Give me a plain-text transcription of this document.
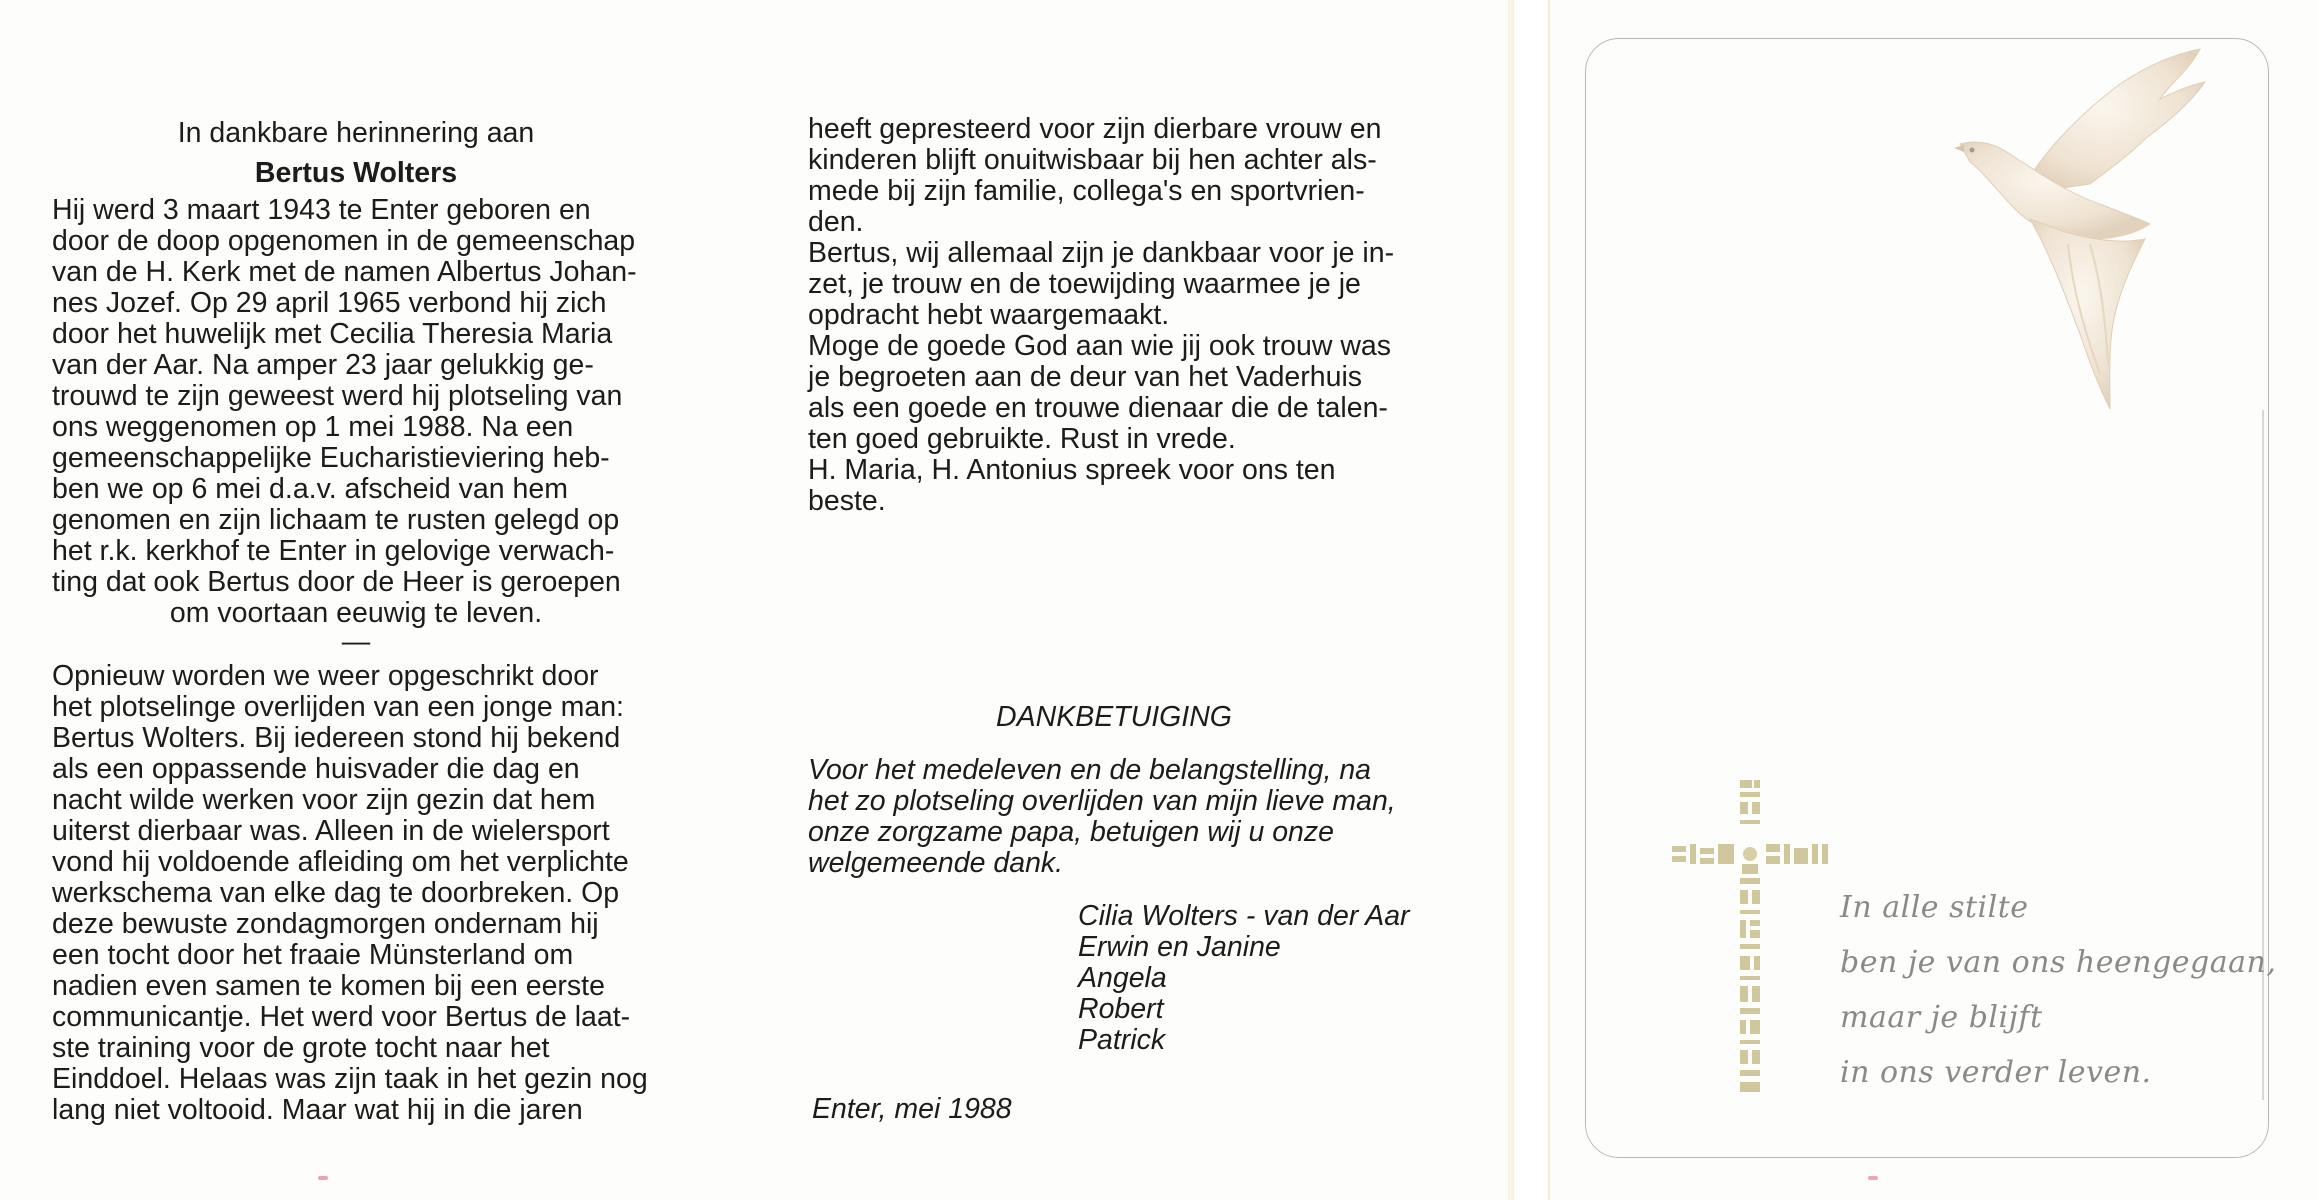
In dankbare herinnering aan

Bertus Wolters

Hij werd 3 maart 1943 te Enter geboren en

door de doop opgenomen in de gemeenschap

van de H. Kerk met de namen Albertus Johan-

nes Jozef. Op 29 april 1965 verbond hij zich

door het huwelijk met Cecilia Theresia Maria

van der Aar. Na amper 23 jaar gelukkig ge-

trouwd te zijn geweest werd hij plotseling van

ons weggenomen op 1 mei 1988. Na een

gemeenschappelijke Eucharistieviering heb-

ben we op 6 mei d.a.v. afscheid van hem

genomen en zijn lichaam te rusten gelegd op

het r.k. kerkhof te Enter in gelovige verwach-

ting dat ook Bertus door de Heer is geroepen

om voortaan eeuwig te leven.

—

Opnieuw worden we weer opgeschrikt door

het plotselinge overlijden van een jonge man:

Bertus Wolters. Bij iedereen stond hij bekend

als een oppassende huisvader die dag en

nacht wilde werken voor zijn gezin dat hem

uiterst dierbaar was. Alleen in de wielersport

vond hij voldoende afleiding om het verplichte

werkschema van elke dag te doorbreken. Op

deze bewuste zondagmorgen ondernam hij

een tocht door het fraaie Münsterland om

nadien even samen te komen bij een eerste

communicantje. Het werd voor Bertus de laat-

ste training voor de grote tocht naar het

Einddoel. Helaas was zijn taak in het gezin nog

lang niet voltooid. Maar wat hij in die jaren

heeft gepresteerd voor zijn dierbare vrouw en

kinderen blijft onuitwisbaar bij hen achter als-

mede bij zijn familie, collega's en sportvrien-

den.

Bertus, wij allemaal zijn je dankbaar voor je in-

zet, je trouw en de toewijding waarmee je je

opdracht hebt waargemaakt.

Moge de goede God aan wie jij ook trouw was

je begroeten aan de deur van het Vaderhuis

als een goede en trouwe dienaar die de talen-

ten goed gebruikte. Rust in vrede.

H. Maria, H. Antonius spreek voor ons ten

beste.

DANKBETUIGING

Voor het medeleven en de belangstelling, na

het zo plotseling overlijden van mijn lieve man,

onze zorgzame papa, betuigen wij u onze

welgemeende dank.

Cilia Wolters - van der Aar
Erwin en Janine
Angela
Robert
Patrick
Enter, mei 1988
In alle stilte
ben je van ons heengegaan,
maar je blijft
in ons verder leven.
